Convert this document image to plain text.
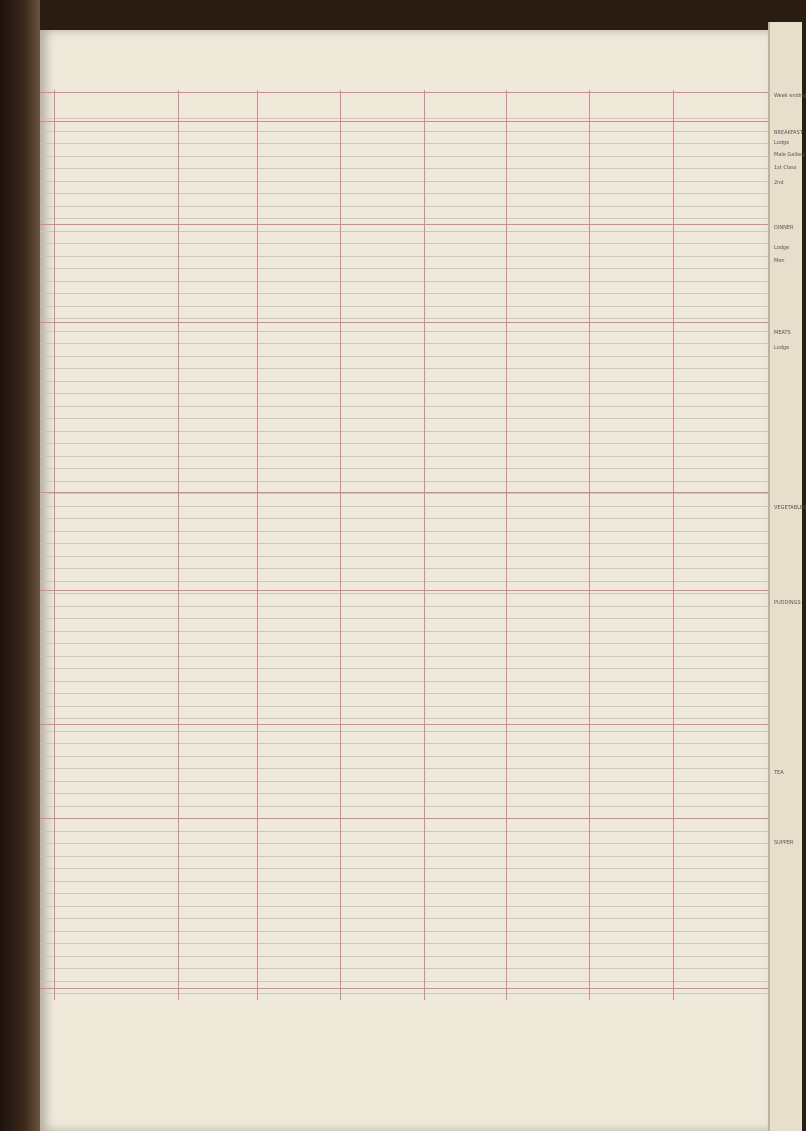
Week ending
BREAKFAST
Lodge
Male Gallery
1st Class
2nd
DINNER
Lodge
Men
MEATS
Lodge
VEGETABLES
PUDDINGS
TEA
SUPPER
